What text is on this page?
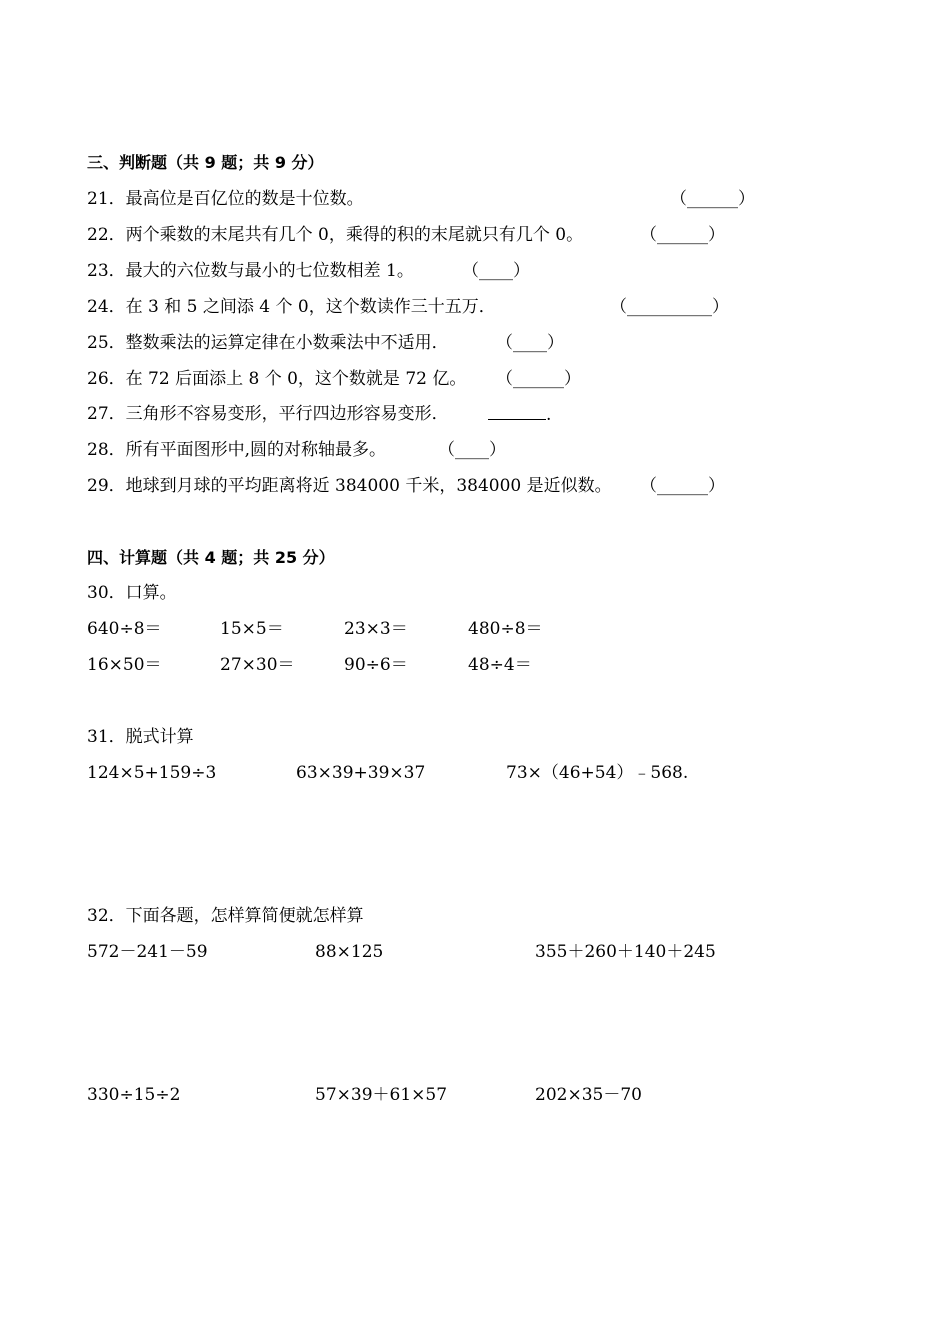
三、判断题（共 9 题；共 9 分）
21．最高位是百亿位的数是十位数。	（______）
22．两个乘数的末尾共有几个 0，乘得的积的末尾就只有几个 0。	（______）
23．最大的六位数与最小的七位数相差 1。	（____）
24．在 3 和 5 之间添 4 个 0，这个数读作三十五万．	（__________）
25．整数乘法的运算定律在小数乘法中不适用．	（____）
26．在 72 后面添上 8 个 0，这个数就是 72 亿。 （______）
27．三角形不容易变形，平行四边形容易变形．	.
28．所有平面图形中,圆的对称轴最多。	（____）
29．地球到月球的平均距离将近 384000 千米，384000 是近似数。 （______）
四、计算题（共 4 题；共 25 分）
30．口算。
640÷8＝	15×5＝	23×3＝	480÷8＝
16×50＝	27×30＝	90÷6＝	48÷4＝
31．脱式计算
124×5+159÷3	63×39+39×37	73×（46+54）﹣568.
32．下面各题，怎样算简便就怎样算
572－241－59	88×125	355＋260＋140＋245
330÷15÷2	57×39＋61×57	202×35－70
